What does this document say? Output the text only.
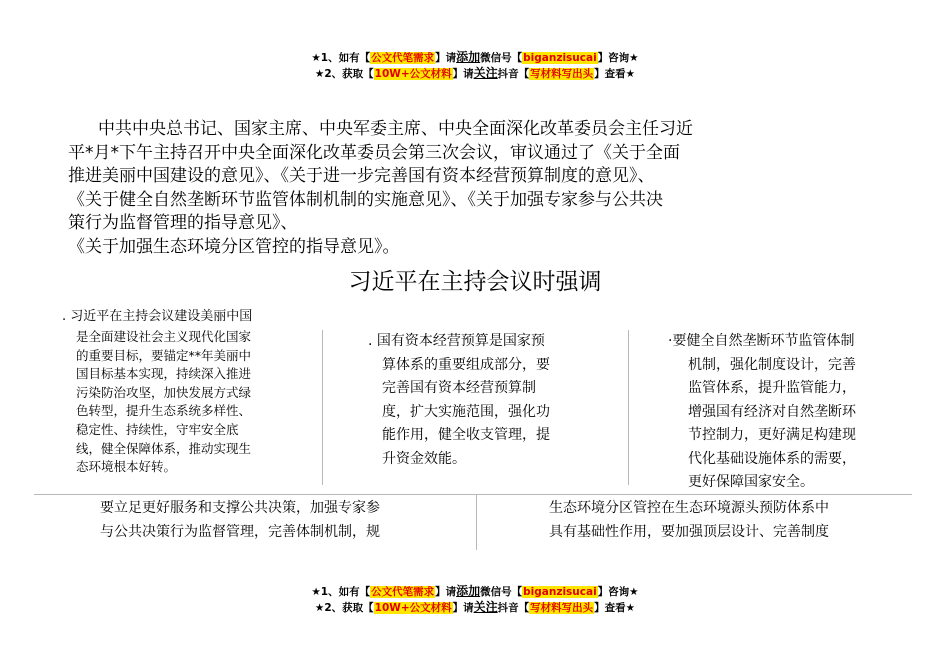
★1、如有【公文代笔需求】请添加微信号【biganzisucai】咨询★
★2、获取【10W+公文材料】请关注抖音【写材料写出头】查看★

中共中央总书记、国家主席、中央军委主席、中央全面深化改革委员会主任习近

平*月*下午主持召开中央全面深化改革委员会第三次会议，审议通过了《关于全面

推进美丽中国建设的意见》、《关于进一步完善国有资本经营预算制度的意见》、

《关于健全自然垄断环节监管体制机制的实施意见》、《关于加强专家参与公共决

策行为监督管理的指导意见》、

《关于加强生态环境分区管控的指导意见》。

习近平在主持会议时强调
. 习近平在主持会议建设美丽中国
是全面建设社会主义现代化国家
的重要目标，要锚定**年美丽中
国目标基本实现，持续深入推进
污染防治攻坚，加快发展方式绿
色转型，提升生态系统多样性、
稳定性、持续性，守牢安全底
线，健全保障体系，推动实现生
态环境根本好转。
. 国有资本经营预算是国家预
算体系的重要组成部分，要
完善国有资本经营预算制
度，扩大实施范围，强化功
能作用，健全收支管理，提
升资金效能。
·要健全自然垄断环节监管体制
机制，强化制度设计，完善
监管体系，提升监管能力，
增强国有经济对自然垄断环
节控制力，更好满足构建现
代化基础设施体系的需要，
更好保障国家安全。
要立足更好服务和支撑公共决策，加强专家参
与公共决策行为监督管理，完善体制机制，规
生态环境分区管控在生态环境源头预防体系中
具有基础性作用，要加强顶层设计、完善制度
★1、如有【公文代笔需求】请添加微信号【biganzisucai】咨询★
★2、获取【10W+公文材料】请关注抖音【写材料写出头】查看★
